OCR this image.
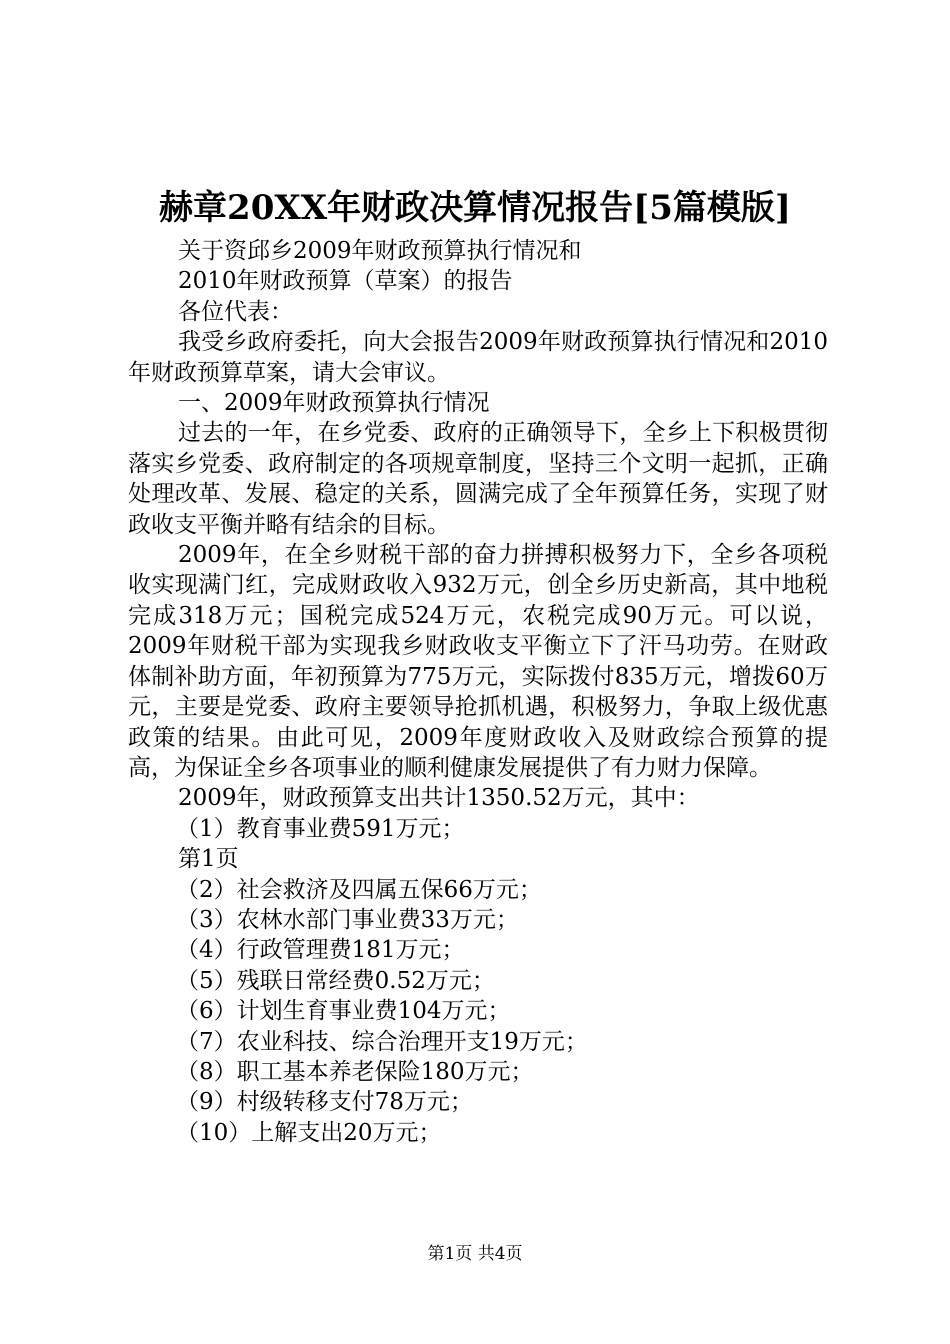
赫章20XX年财政决算情况报告[5篇模版]
关于资邱乡2009年财政预算执行情况和
2010年财政预算（草案）的报告
各位代表：

我受乡政府委托，向大会报告2009年财政预算执行情况和2010年财政预算草案，请大会审议。

一、2009年财政预算执行情况

过去的一年，在乡党委、政府的正确领导下，全乡上下积极贯彻落实乡党委、政府制定的各项规章制度，坚持三个文明一起抓，正确处理改革、发展、稳定的关系，圆满完成了全年预算任务，实现了财政收支平衡并略有结余的目标。

2009年，在全乡财税干部的奋力拼搏积极努力下，全乡各项税收实现满门红，完成财政收入932万元，创全乡历史新高，其中地税完成318万元；国税完成524万元，农税完成90万元。可以说，2009年财税干部为实现我乡财政收支平衡立下了汗马功劳。在财政体制补助方面，年初预算为775万元，实际拨付835万元，增拨60万元，主要是党委、政府主要领导抢抓机遇，积极努力，争取上级优惠政策的结果。由此可见，2009年度财政收入及财政综合预算的提高，为保证全乡各项事业的顺利健康发展提供了有力财力保障。

2009年，财政预算支出共计1350.52万元，其中：
（1）教育事业费591万元；
第1页
（2）社会救济及四属五保66万元；
（3）农林水部门事业费33万元；
（4）行政管理费181万元；
（5）残联日常经费0.52万元；
（6）计划生育事业费104万元；
（7）农业科技、综合治理开支19万元；
（8）职工基本养老保险180万元；
（9）村级转移支付78万元；
（10）上解支出20万元；
第1页 共4页
